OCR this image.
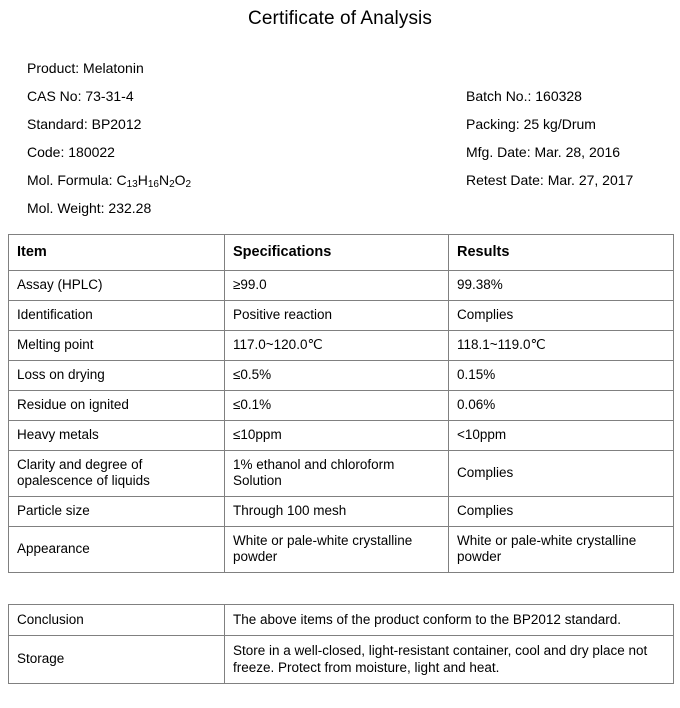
Certificate of Analysis
Product: Melatonin
CAS No: 73-31-4
Standard: BP2012
Code: 180022
Mol. Formula: $C_{13}H_{16}N_2O_2$
Mol. Weight: 232.28
Batch No.: 160328
Packing: 25 kg/Drum
Mfg. Date: Mar. 28, 2016
Retest Date: Mar. 27, 2017
Item	Specifications	Results
Assay (HPLC)	≥99.0	99.38%
Identification	Positive reaction	Complies
Melting point	117.0~120.0℃	118.1~119.0℃
Loss on drying	≤0.5%	0.15%
Residue on ignited	≤0.1%	0.06%
Heavy metals	≤10ppm	<10ppm
Clarity and degree of opalescence of liquids	1% ethanol and chloroform Solution	Complies
Particle size	Through 100 mesh	Complies
Appearance	White or pale-white crystalline powder	White or pale-white crystalline powder
Conclusion	The above items of the product conform to the BP2012 standard.
Storage	Store in a well-closed, light-resistant container, cool and dry place not freeze. Protect from moisture, light and heat.
